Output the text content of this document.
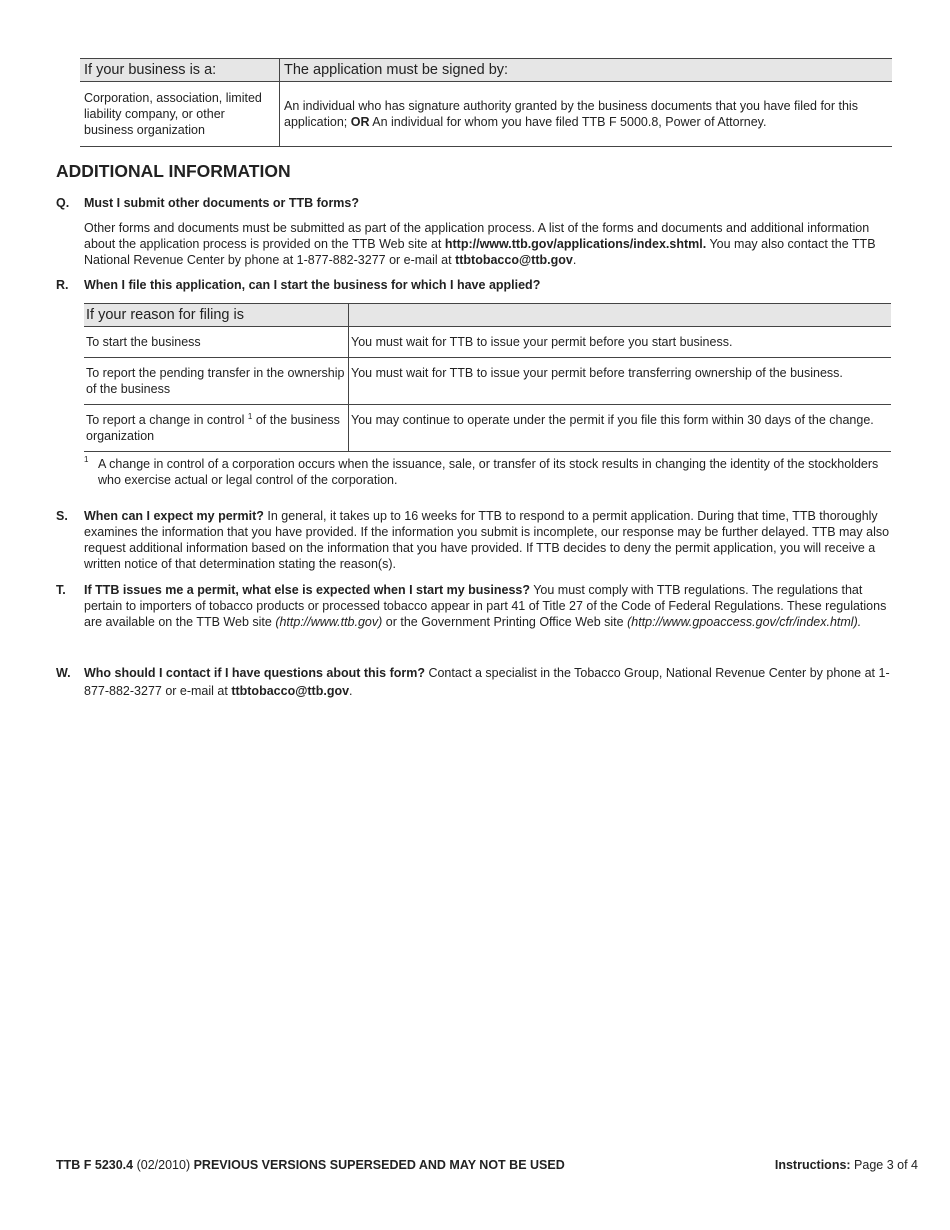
If your business is a:	The application must be signed by:
Corporation, association, limited liability company, or other business organization	An individual who has signature authority granted by the business documents that you have filed for this application; OR An individual for whom you have filed TTB F 5000.8, Power of Attorney.
ADDITIONAL INFORMATION
Q. Must I submit other documents or TTB forms?
Other forms and documents must be submitted as part of the application process. A list of the forms and documents and additional information about the application process is provided on the TTB Web site at http://www.ttb.gov/applications/index.shtml. You may also contact the TTB National Revenue Center by phone at 1-877-882-3277 or e-mail at ttbtobacco@ttb.gov.
R. When I file this application, can I start the business for which I have applied?
If your reason for filing is	
To start the business	You must wait for TTB to issue your permit before you start business.
To report the pending transfer in the ownership of the business	You must wait for TTB to issue your permit before transferring ownership of the business.
To report a change in control $^1$ of the business organization	You may continue to operate under the permit if you file this form within 30 days of the change.
1 A change in control of a corporation occurs when the issuance, sale, or transfer of its stock results in changing the identity of the stockholders who exercise actual or legal control of the corporation.
S. When can I expect my permit? In general, it takes up to 16 weeks for TTB to respond to a permit application. During that time, TTB thoroughly examines the information that you have provided. If the information you submit is incomplete, our response may be further delayed. TTB may also request additional information based on the information that you have provided. If TTB decides to deny the permit application, you will receive a written notice of that determination stating the reason(s).
T. If TTB issues me a permit, what else is expected when I start my business? You must comply with TTB regulations. The regulations that pertain to importers of tobacco products or processed tobacco appear in part 41 of Title 27 of the Code of Federal Regulations. These regulations are available on the TTB Web site (http://www.ttb.gov) or the Government Printing Office Web site (http://www.gpoaccess.gov/cfr/index.html).
W. Who should I contact if I have questions about this form? Contact a specialist in the Tobacco Group, National Revenue Center by phone at 1-877-882-3277 or e-mail at ttbtobacco@ttb.gov.
TTB F 5230.4 (02/2010) PREVIOUS VERSIONS SUPERSEDED AND MAY NOT BE USED	Instructions: Page 3 of 4
